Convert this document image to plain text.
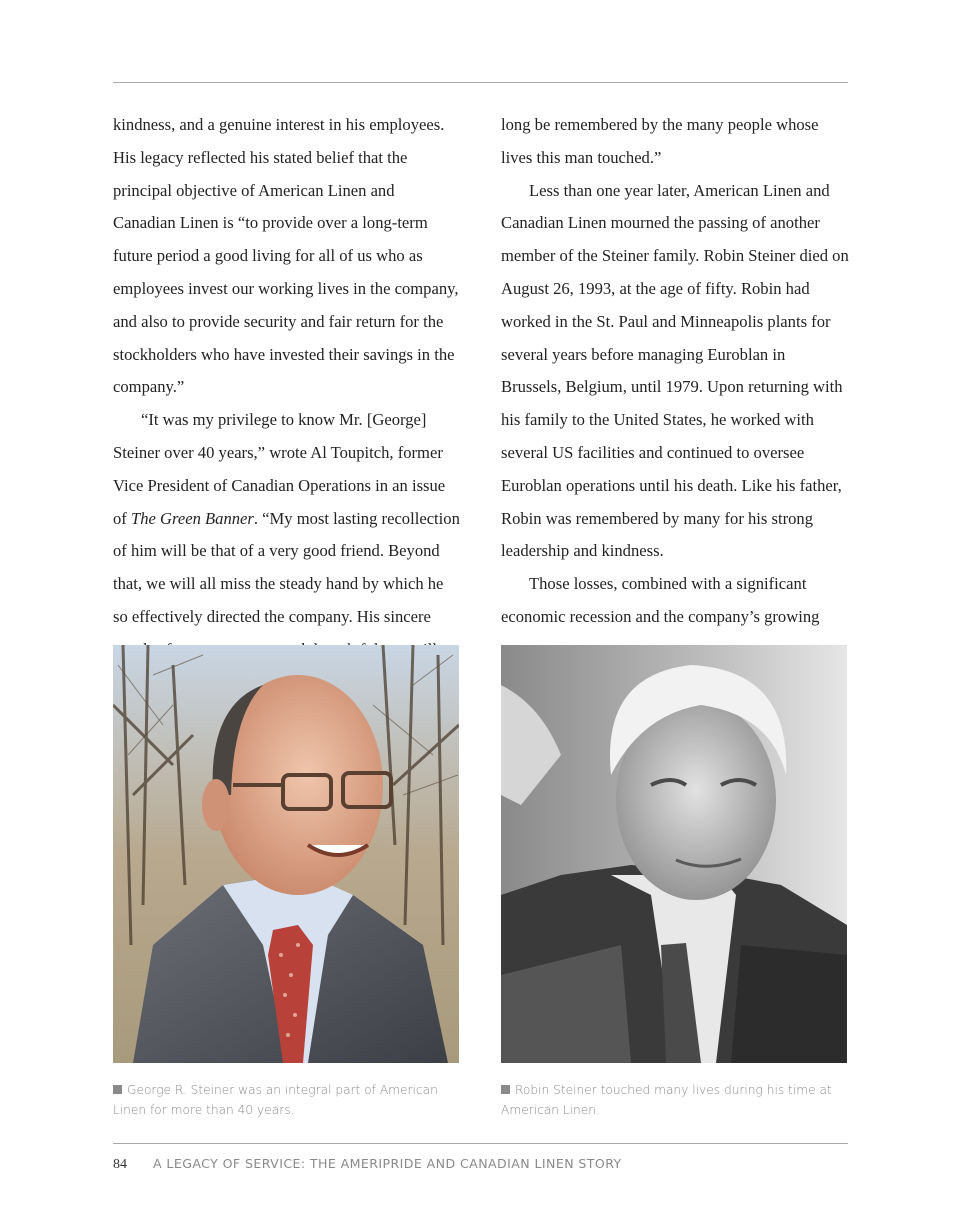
kindness, and a genuine interest in his employees. His legacy reflected his stated belief that the principal objective of American Linen and Canadian Linen is “to provide over a long-term future period a good living for all of us who as employees invest our working lives in the company, and also to provide security and fair return for the stockholders who have invested their savings in the company.”

“It was my privilege to know Mr. [George] Steiner over 40 years,” wrote Al Toupitch, former Vice President of Canadian Operations in an issue of The Green Banner. “My most lasting recollection of him will be that of a very good friend. Beyond that, we will all miss the steady hand by which he so effectively directed the company. His sincere

long be remembered by the many people whose lives this man touched.”

Less than one year later, American Linen and Canadian Linen mourned the passing of another member of the Steiner family. Robin Steiner died on August 26, 1993, at the age of fifty. Robin had worked in the St. Paul and Minneapolis plants for several years before managing Euroblan in Brussels, Belgium, until 1979. Upon returning with his family to the United States, he worked with several US facilities and continued to oversee Euroblan operations until his death. Like his father, Robin was remembered by many for his strong leadership and kindness.

Those losses, combined with a significant economic recession and the company’s growing

George R. Steiner was an integral part of American Linen for more than 40 years.
Robin Steiner touched many lives during his time at American Linen.
84 A LEGACY OF SERVICE: THE AMERIPRIDE AND CANADIAN LINEN STORY
